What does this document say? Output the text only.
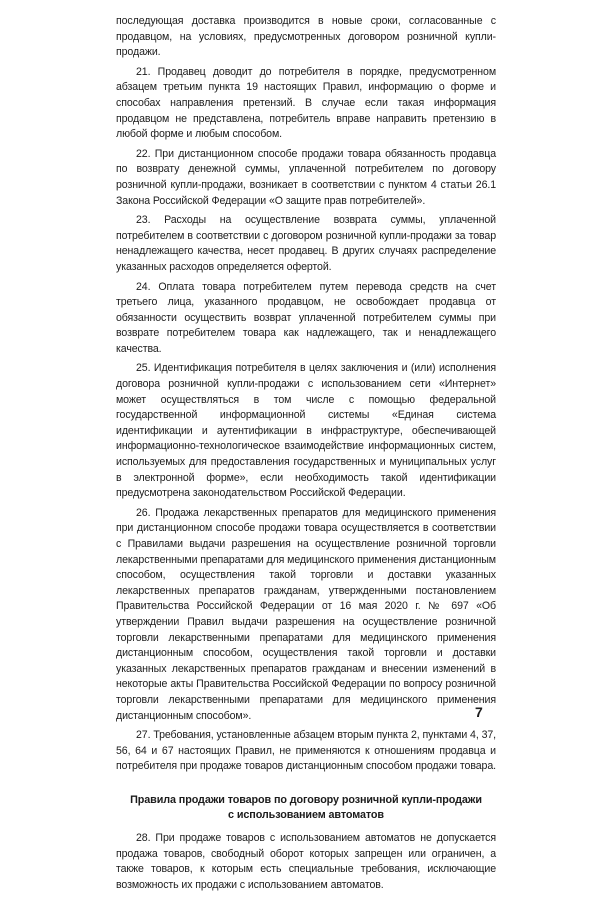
последующая доставка производится в новые сроки, согласованные с продавцом, на условиях, предусмотренных договором розничной купли-продажи.

21. Продавец доводит до потребителя в порядке, предусмотренном абзацем третьим пункта 19 настоящих Правил, информацию о форме и способах направления претензий. В случае если такая информация продавцом не представлена, потребитель вправе направить претензию в любой форме и любым способом.

22. При дистанционном способе продажи товара обязанность продавца по возврату денежной суммы, уплаченной потребителем по договору розничной купли-продажи, возникает в соответствии с пунктом 4 статьи 26.1 Закона Российской Федерации «О защите прав потребителей».

23. Расходы на осуществление возврата суммы, уплаченной потребителем в соответствии с договором розничной купли-продажи за товар ненадлежащего качества, несет продавец. В других случаях распределение указанных расходов определяется офертой.

24. Оплата товара потребителем путем перевода средств на счет третьего лица, указанного продавцом, не освобождает продавца от обязанности осуществить возврат уплаченной потребителем суммы при возврате потребителем товара как надлежащего, так и ненадлежащего качества.

25. Идентификация потребителя в целях заключения и (или) исполнения договора розничной купли-продажи с использованием сети «Интернет» может осуществляться в том числе с помощью федеральной государственной информационной системы «Единая система идентификации и аутентификации в инфраструктуре, обеспечивающей информационно-технологическое взаимодействие информационных систем, используемых для предоставления государственных и муниципальных услуг в электронной форме», если необходимость такой идентификации предусмотрена законодательством Российской Федерации.

26. Продажа лекарственных препаратов для медицинского применения при дистанционном способе продажи товара осуществляется в соответствии с Правилами выдачи разрешения на осуществление розничной торговли лекарственными препаратами для медицинского применения дистанционным способом, осуществления такой торговли и доставки указанных лекарственных препаратов гражданам, утвержденными постановлением Правительства Российской Федерации от 16 мая 2020 г. № 697 «Об утверждении Правил выдачи разрешения на осуществление розничной торговли лекарственными препаратами для медицинского применения дистанционным способом, осуществления такой торговли и доставки указанных лекарственных препаратов гражданам и внесении изменений в некоторые акты Правительства Российской Федерации по вопросу розничной торговли лекарственными препаратами для медицинского применения дистанционным способом».

27. Требования, установленные абзацем вторым пункта 2, пунктами 4, 37, 56, 64 и 67 настоящих Правил, не применяются к отношениям продавца и потребителя при продаже товаров дистанционным способом продажи товара.

Правила продажи товаров по договору розничной купли-продажи
с использованием автоматов

28. При продаже товаров с использованием автоматов не допускается продажа товаров, свободный оборот которых запрещен или ограничен, а также товаров, к которым есть специальные требования, исключающие возможность их продажи с использованием автоматов.

7
